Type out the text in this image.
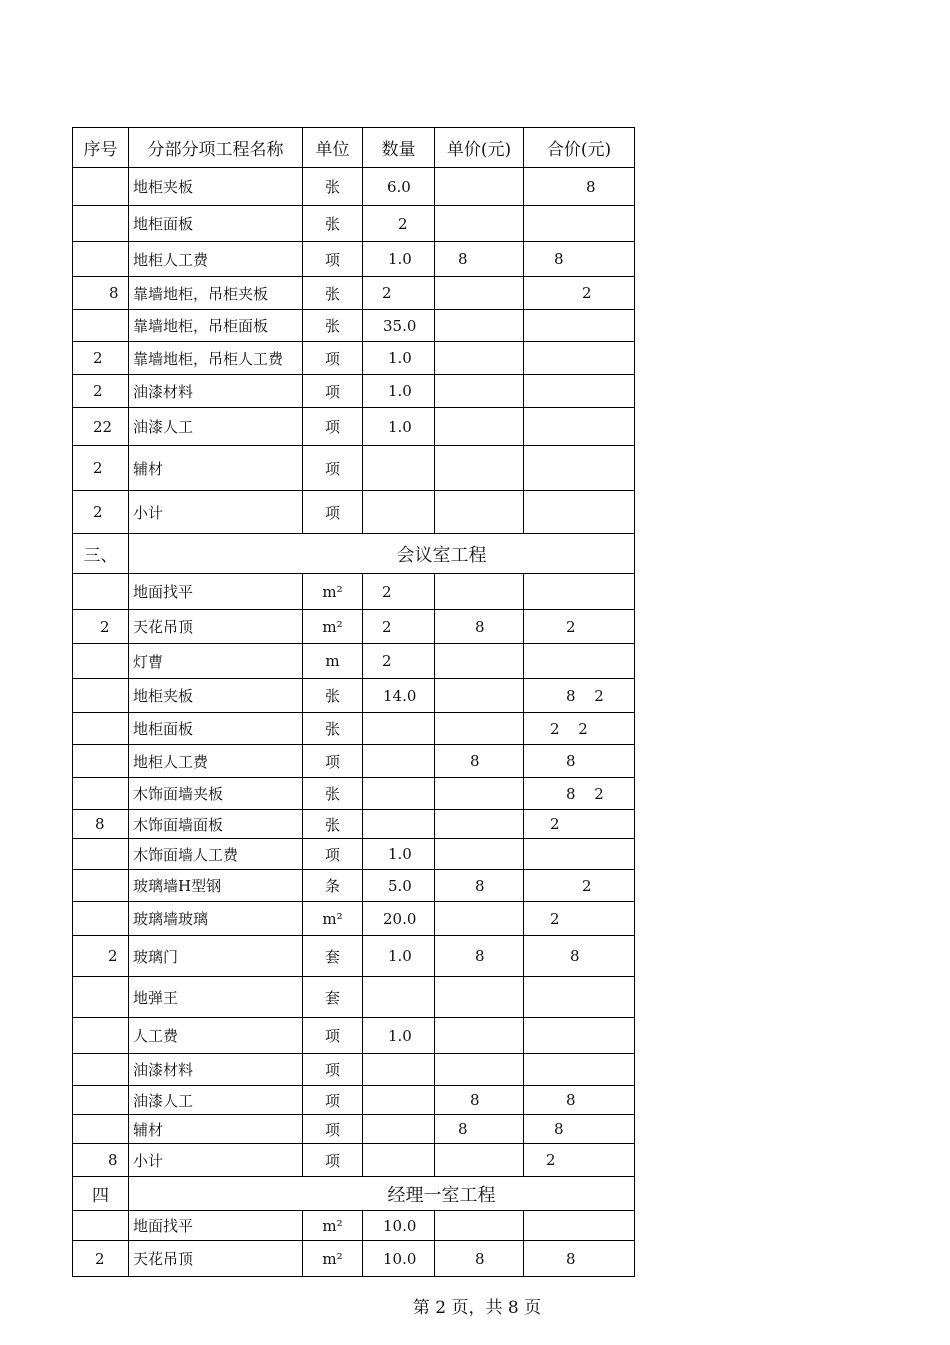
序号	分部分项工程名称	单位	数量	单价(元)	合价(元)

	地柜夹板	张	6.0		8

	地柜面板	张	2		

	地柜人工费	项	1.0	8	8

8	靠墙地柜，吊柜夹板	张	2		2

	靠墙地柜，吊柜面板	张	35.0		

2	靠墙地柜，吊柜人工费	项	1.0		

2	油漆材料	项	1.0		

22	油漆人工	项	1.0		

2	辅材	项	

2	小计	项	

三、	会议室工程				

	地面找平	m²	2		

2	天花吊顶	m²	2	8	2

	灯曹	m	2		

	地柜夹板	张	14.0		8 2

	地柜面板	张			2 2

	地柜人工费	项		8	8

	木饰面墙夹板	张			8 2

8	木饰面墙面板	张			2

	木饰面墙人工费	项	1.0		

	玻璃墙H型钢	条	5.0	8	2

	玻璃墙玻璃	m²	20.0		2

2	玻璃门	套	1.0	8	8

	地弹王	套	

	人工费	项	1.0		

	油漆材料	项	

	油漆人工	项		8	8

	辅材	项		8	8

8	小计	项			2

四	经理一室工程				

	地面找平	m²	10.0		

2	天花吊顶	m²	10.0	8	8
第 2 页，共 8 页
